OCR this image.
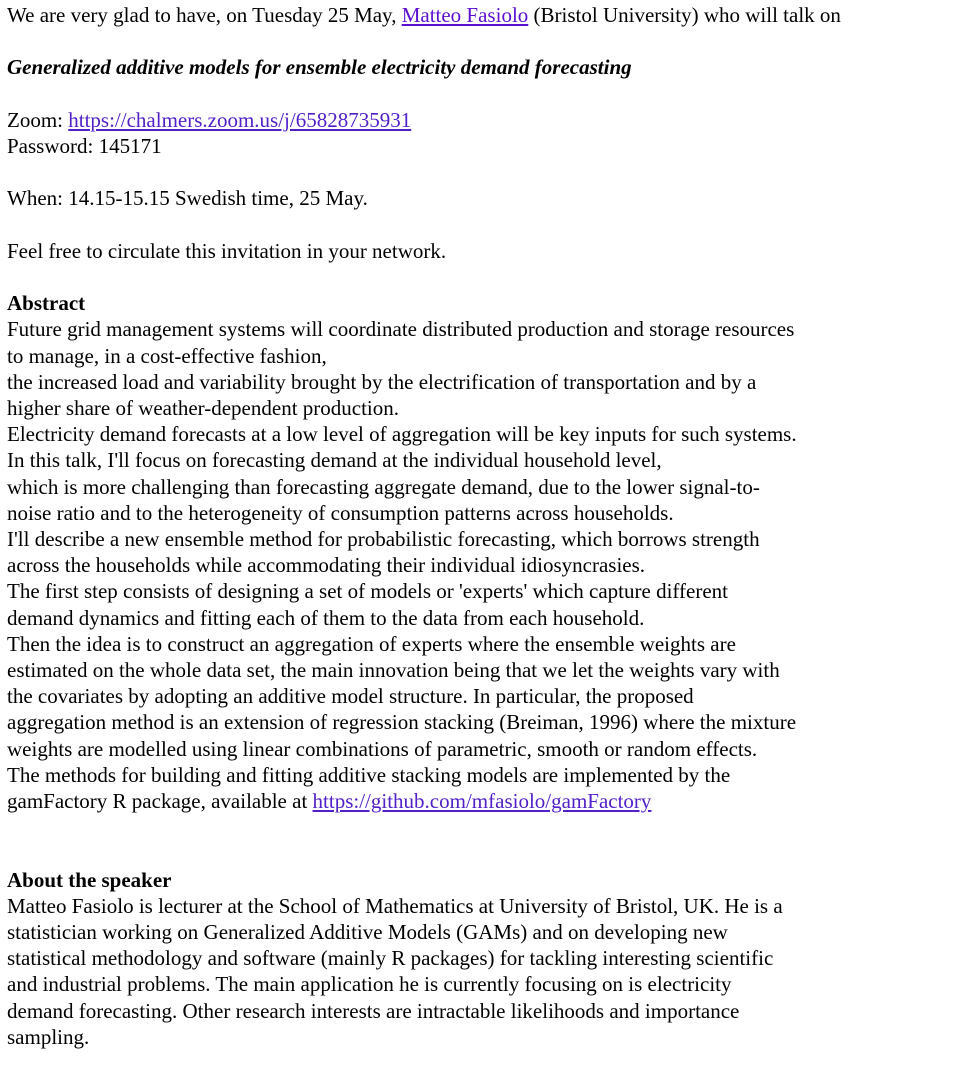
We are very glad to have, on Tuesday 25 May, Matteo Fasiolo (Bristol University) who will talk on

Generalized additive models for ensemble electricity demand forecasting

Zoom: https://chalmers.zoom.us/j/65828735931

Password: 145171

When: 14.15-15.15 Swedish time, 25 May.

Feel free to circulate this invitation in your network.

Abstract

Future grid management systems will coordinate distributed production and storage resources

to manage, in a cost-effective fashion,

the increased load and variability brought by the electrification of transportation and by a

higher share of weather-dependent production.

Electricity demand forecasts at a low level of aggregation will be key inputs for such systems.

In this talk, I'll focus on forecasting demand at the individual household level,

which is more challenging than forecasting aggregate demand, due to the lower signal-to-

noise ratio and to the heterogeneity of consumption patterns across households.

I'll describe a new ensemble method for probabilistic forecasting, which borrows strength

across the households while accommodating their individual idiosyncrasies.

The first step consists of designing a set of models or 'experts' which capture different

demand dynamics and fitting each of them to the data from each household.

Then the idea is to construct an aggregation of experts where the ensemble weights are

estimated on the whole data set, the main innovation being that we let the weights vary with

the covariates by adopting an additive model structure. In particular, the proposed

aggregation method is an extension of regression stacking (Breiman, 1996) where the mixture

weights are modelled using linear combinations of parametric, smooth or random effects.

The methods for building and fitting additive stacking models are implemented by the

gamFactory R package, available at https://github.com/mfasiolo/gamFactory

About the speaker

Matteo Fasiolo is lecturer at the School of Mathematics at University of Bristol, UK. He is a

statistician working on Generalized Additive Models (GAMs) and on developing new

statistical methodology and software (mainly R packages) for tackling interesting scientific

and industrial problems. The main application he is currently focusing on is electricity

demand forecasting. Other research interests are intractable likelihoods and importance

sampling.
